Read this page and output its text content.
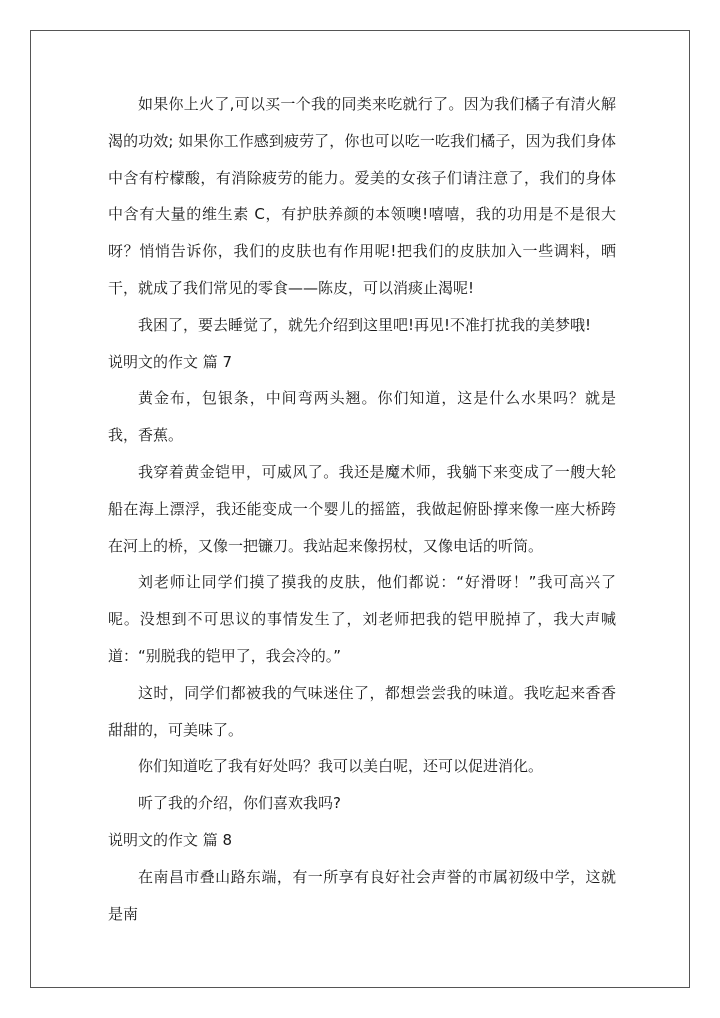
如果你上火了,可以买一个我的同类来吃就行了。因为我们橘子有清火解渴的功效; 如果你工作感到疲劳了，你也可以吃一吃我们橘子，因为我们身体中含有柠檬酸，有消除疲劳的能力。爱美的女孩子们请注意了，我们的身体中含有大量的维生素 C，有护肤养颜的本领噢!嘻嘻，我的功用是不是很大呀？悄悄告诉你，我们的皮肤也有作用呢!把我们的皮肤加入一些调料，晒干，就成了我们常见的零食——陈皮，可以消痰止渴呢!

我困了，要去睡觉了，就先介绍到这里吧!再见!不准打扰我的美梦哦!

说明文的作文 篇 7

黄金布，包银条，中间弯两头翘。你们知道，这是什么水果吗？就是我，香蕉。

我穿着黄金铠甲，可威风了。我还是魔术师，我躺下来变成了一艘大轮船在海上漂浮，我还能变成一个婴儿的摇篮，我做起俯卧撑来像一座大桥跨在河上的桥，又像一把镰刀。我站起来像拐杖，又像电话的听筒。

刘老师让同学们摸了摸我的皮肤，他们都说：“好滑呀！”我可高兴了呢。没想到不可思议的事情发生了，刘老师把我的铠甲脱掉了，我大声喊道：“别脱我的铠甲了，我会冷的。”

这时，同学们都被我的气味迷住了，都想尝尝我的味道。我吃起来香香甜甜的，可美味了。

你们知道吃了我有好处吗？我可以美白呢，还可以促进消化。

听了我的介绍，你们喜欢我吗?

说明文的作文 篇 8

在南昌市叠山路东端，有一所享有良好社会声誉的市属初级中学，这就是南
